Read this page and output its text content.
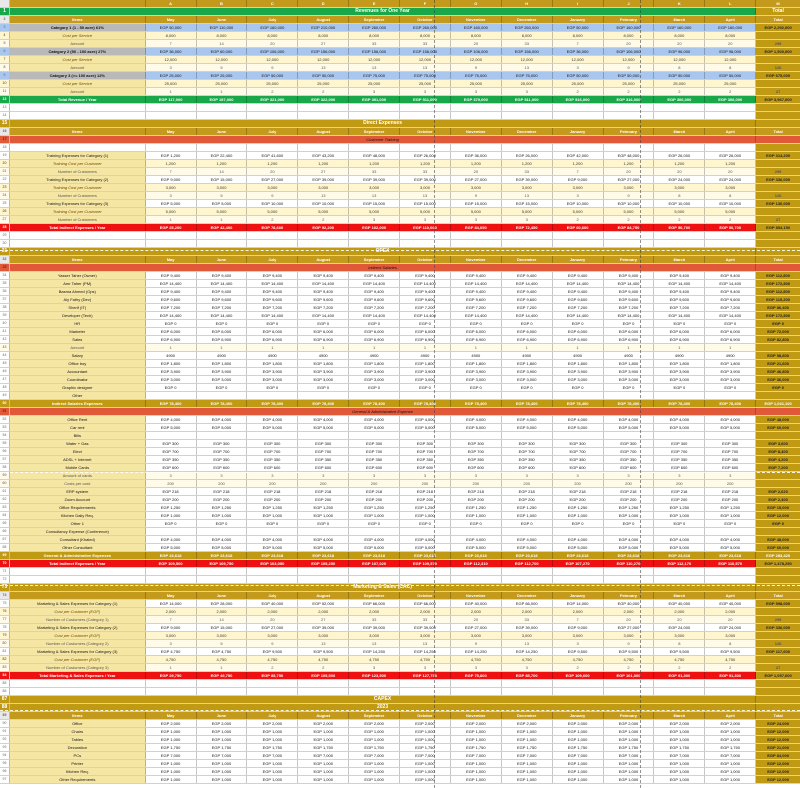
A	B	C	D	E	F	G	H	I	J	K	L	M
1	Revenues for One Year	Total
2	Items	May	June	July	August	September	October	November	December	January	February	March	April	Total
3	Category 1 (1 - 50 acre) 61%	EGP 50,000	EGP 110,000	EGP 160,000	EGP 210,000	EGP 260,000	EGP 260,000	EGP 160,000	EGP 260,000	EGP 50,000	EGP 160,000	EGP 160,000	EGP 160,000	EGP 2,292,000
4	Cost per Service	8,000	8,000	8,000	8,000	8,000	8,000	8,000	8,000	8,000	8,000	8,000	8,000
5	Amount	7	14	20	27	33	33	20	33	7	20	20	20	299
6	Category 2 (50 - 100 acre) 27%	EGP 36,000	EGP 60,000	EGP 106,000	EGP 156,000	EGP 156,000	EGP 156,000	EGP 106,000	EGP 156,000	EGP 36,000	EGP 106,000	EGP 96,000	EGP 96,000	EGP 1,500,000
7	Cost per Service	12,000	12,000	12,000	12,000	12,000	12,000	12,000	12,000	12,000	12,000	12,000	12,000
8	Amount	3	5	9	13	13	13	9	13	3	9	8	8	126
9	Category 3 (>= 100 acre) 12%	EGP 25,000	EGP 25,000	EGP 50,000	EGP 50,000	EGP 75,000	EGP 75,000	EGP 75,000	EGP 75,000	EGP 50,000	EGP 50,000	EGP 50,000	EGP 50,000	EGP 675,000
10	Cost per Service	25,000	25,000	25,000	25,000	25,000	25,000	25,000	25,000	25,000	25,000	25,000	25,000
11	Amount	1	1	2	2	3	3	3	3	2	2	2	2	27
12	Total Revenue / Year	EGP 117,000	EGP 197,000	EGP 321,000	EGP 322,000	EGP 391,000	EGP 511,000	EGP 379,000	EGP 511,000	EGP 516,000	EGP 316,000	EGP 306,000	EGP 306,000	EGP 3,967,000
13
14
15	Direct Expenses
16	Items	May	June	July	August	September	October	November	December	January	February	March	April	Total
17	Customer Training
18
19	Training Expenses for Category (1)	EGP 1,200	EGP 22,400	EGP 41,600	EGP 43,200	EGP 48,000	EGP 26,000	EGP 36,000	EGP 26,000	EGP 42,000	EGP 48,000	EGP 26,000	EGP 26,000	EGP 314,200
20	Training Cost per Customer	1,200	1,200	1,200	1,200	1,200	1,200	1,200	1,200	1,200	1,200	1,200	1,200
21	Number of Customers	7	14	20	27	33	33	20	33	7	20	20	20	299
22	Training Expenses for Category (2)	EGP 9,000	EGP 15,000	EGP 27,000	EGP 39,000	EGP 39,000	EGP 39,000	EGP 27,000	EGP 39,000	EGP 9,000	EGP 27,000	EGP 24,000	EGP 24,000	EGP 336,000
23	Training Cost per Customer	3,000	3,000	3,000	3,000	3,000	3,000	3,000	3,000	3,000	3,000	3,000	3,000
24	Number of Customers	3	5	9	13	13	13	9	13	3	9	8	8	126
25	Training Expenses for Category (3)	EGP 5,000	EGP 5,000	EGP 10,000	EGP 10,000	EGP 15,000	EGP 15,000	EGP 15,000	EGP 15,000	EGP 10,000	EGP 10,000	EGP 10,000	EGP 10,000	EGP 130,000
26	Training Cost per Customer	5,000	5,000	5,000	5,000	5,000	5,000	5,000	5,000	5,000	5,000	5,000	5,000
27	Number of Customers	1	1	2	2	3	3	3	3	2	2	2	2	27
28	Total Indirect Expenses / Year	EGP 25,200	EGP 42,400	EGP 78,600	EGP 92,200	EGP 102,000	EGP 110,000	EGP 84,050	EGP 72,450	EGP 60,600	EGP 84,750	EGP 50,700	EGP 50,700	EGP 854,150
29
30
31	OPEX
32	Items	May	June	July	August	September	October	November	December	January	February	March	April	Total
33	Indirect Salaries
34	Yasser Taher (Owner)	EGP 9,400	EGP 9,400	EGP 9,400	EGP 9,400	EGP 9,400	EGP 9,400	EGP 9,400	EGP 9,400	EGP 9,400	EGP 9,400	EGP 9,400	EGP 9,400	EGP 112,800
35	Amr Taher (PM)	EGP 14,400	EGP 14,400	EGP 14,400	EGP 14,400	EGP 14,400	EGP 14,400	EGP 14,400	EGP 14,400	EGP 14,400	EGP 14,400	EGP 14,400	EGP 14,400	EGP 172,800
36	Basma Ahmed (Ops)	EGP 9,400	EGP 9,400	EGP 9,400	EGP 9,400	EGP 9,400	EGP 9,400	EGP 9,400	EGP 9,400	EGP 9,400	EGP 9,400	EGP 9,400	EGP 9,400	EGP 112,800
37	Aly Fathy (Dev)	EGP 9,600	EGP 9,600	EGP 9,600	EGP 9,600	EGP 9,600	EGP 9,600	EGP 9,600	EGP 9,600	EGP 9,600	EGP 9,600	EGP 9,600	EGP 9,600	EGP 115,200
38	Sherif (IT)	EGP 7,200	EGP 7,200	EGP 7,200	EGP 7,200	EGP 7,200	EGP 7,200	EGP 7,200	EGP 7,200	EGP 7,200	EGP 7,200	EGP 7,200	EGP 7,200	EGP 86,400
39	Developer (Tech)	EGP 14,400	EGP 14,400	EGP 14,400	EGP 14,400	EGP 14,400	EGP 14,400	EGP 14,400	EGP 14,400	EGP 14,400	EGP 14,400	EGP 14,400	EGP 14,400	EGP 172,800
40	HR	EGP 0	EGP 0	EGP 0	EGP 0	EGP 0	EGP 0	EGP 0	EGP 0	EGP 0	EGP 0	EGP 0	EGP 0	EGP 0
41	Marketer	EGP 6,000	EGP 6,000	EGP 6,000	EGP 6,000	EGP 6,000	EGP 6,000	EGP 6,000	EGP 6,000	EGP 6,000	EGP 6,000	EGP 6,000	EGP 6,000	EGP 72,000
42	Sales	EGP 6,900	EGP 6,900	EGP 6,900	EGP 6,900	EGP 6,900	EGP 6,900	EGP 6,900	EGP 6,900	EGP 6,900	EGP 6,900	EGP 6,900	EGP 6,900	EGP 82,800
43	Amount	1	1	1	1	1	1	1	1	1	1	1	1
44	Salary	4900	4900	4900	4900	4900	4900	4900	4900	4900	4900	4900	4900	EGP 58,800
45	Office boy	EGP 1,800	EGP 1,800	EGP 1,800	EGP 1,800	EGP 1,800	EGP 1,800	EGP 1,800	EGP 1,800	EGP 1,800	EGP 1,800	EGP 1,800	EGP 1,800	EGP 21,600
46	Accountant	EGP 3,900	EGP 3,900	EGP 3,900	EGP 3,900	EGP 3,900	EGP 3,900	EGP 3,900	EGP 3,900	EGP 3,900	EGP 3,900	EGP 3,900	EGP 3,900	EGP 46,800
47	Coordinator	EGP 3,000	EGP 3,000	EGP 3,000	EGP 3,000	EGP 3,000	EGP 3,000	EGP 3,000	EGP 3,000	EGP 3,000	EGP 3,000	EGP 3,000	EGP 3,000	EGP 36,000
48	Graphic designer	EGP 0	EGP 0	EGP 0	EGP 0	EGP 0	EGP 0	EGP 0	EGP 0	EGP 0	EGP 0	EGP 0	EGP 0	EGP 0
49	Other
50	Indirect Salaries Expenses	EGP 78,400	EGP 78,400	EGP 78,400	EGP 78,400	EGP 78,400	EGP 78,400	EGP 78,400	EGP 78,400	EGP 78,400	EGP 78,400	EGP 78,400	EGP 78,400	EGP 1,041,100
51	General & Administrative Expense
52	Office Rent	EGP 4,000	EGP 4,000	EGP 4,000	EGP 4,000	EGP 4,000	EGP 4,000	EGP 4,000	EGP 4,000	EGP 4,000	EGP 4,000	EGP 4,000	EGP 4,000	EGP 48,000
53	Car rent	EGP 5,000	EGP 5,000	EGP 5,000	EGP 5,000	EGP 5,000	EGP 5,000	EGP 5,000	EGP 5,000	EGP 5,000	EGP 5,000	EGP 5,000	EGP 5,000	EGP 60,000
54	Bills
55	Water + Gas	EGP 300	EGP 300	EGP 300	EGP 300	EGP 300	EGP 300	EGP 300	EGP 300	EGP 300	EGP 300	EGP 300	EGP 300	EGP 3,600
56	Elect	EGP 700	EGP 700	EGP 700	EGP 700	EGP 700	EGP 700	EGP 700	EGP 700	EGP 700	EGP 700	EGP 700	EGP 700	EGP 8,400
57	ADSL + Internet	EGP 350	EGP 350	EGP 350	EGP 350	EGP 350	EGP 350	EGP 350	EGP 350	EGP 350	EGP 350	EGP 350	EGP 350	EGP 4,200
58	Mobile Cards	EGP 600	EGP 600	EGP 600	EGP 600	EGP 600	EGP 600	EGP 600	EGP 600	EGP 600	EGP 600	EGP 600	EGP 600	EGP 7,200
59	Amount of cards	3	3	3	3	3	3	3	3	3	3	3	3
60	Costs per card	200	200	200	200	200	200	200	200	200	200	200	200
61	ERP system	EGP 218	EGP 218	EGP 218	EGP 218	EGP 218	EGP 218	EGP 218	EGP 218	EGP 218	EGP 218	EGP 218	EGP 218	EGP 2,620
62	Zoom Account	EGP 200	EGP 200	EGP 200	EGP 200	EGP 200	EGP 200	EGP 200	EGP 200	EGP 200	EGP 200	EGP 200	EGP 200	EGP 2,400
63	Office Requirements	EGP 1,250	EGP 1,250	EGP 1,250	EGP 1,250	EGP 1,250	EGP 1,250	EGP 1,250	EGP 1,250	EGP 1,250	EGP 1,250	EGP 1,250	EGP 1,250	EGP 15,000
64	Kitchen Daily Req.	EGP 1,000	EGP 1,000	EGP 1,000	EGP 1,000	EGP 1,000	EGP 1,000	EGP 1,000	EGP 1,000	EGP 1,000	EGP 1,000	EGP 1,000	EGP 1,000	EGP 12,000
65	Other 1	EGP 0	EGP 0	EGP 0	EGP 0	EGP 0	EGP 0	EGP 0	EGP 0	EGP 0	EGP 0	EGP 0	EGP 0	EGP 0
66	Consultancy Expense (Conference)
67	Consultant (Khaled)	EGP 4,000	EGP 4,000	EGP 4,000	EGP 4,000	EGP 4,000	EGP 4,000	EGP 4,000	EGP 4,000	EGP 4,000	EGP 4,000	EGP 4,000	EGP 4,000	EGP 48,000
68	Other Consultant	EGP 5,000	EGP 5,000	EGP 5,000	EGP 5,000	EGP 5,000	EGP 5,000	EGP 5,000	EGP 5,000	EGP 5,000	EGP 5,000	EGP 5,000	EGP 5,000	EGP 60,000
69	General & Administrative Expenses	EGP 23,618	EGP 23,618	EGP 23,618	EGP 23,618	EGP 23,618	EGP 23,618	EGP 23,618	EGP 23,618	EGP 23,618	EGP 23,618	EGP 23,618	EGP 23,618	EGP 283,420
70	Total Indirect Expenses / Year	EGP 109,500	EGP 109,750	EGP 103,050	EGP 105,250	EGP 107,020	EGP 109,570	EGP 112,310	EGP 112,700	EGP 107,270	EGP 110,270	EGP 112,170	EGP 110,570	EGP 1,478,250
71
72
73	Marketing & Sales (CAC)
74	May	June	July	August	September	October	November	December	January	February	March	April	Total
75	Marketing & Sales Expenses for Category (1)	EGP 14,000	EGP 28,000	EGP 40,000	EGP 52,000	EGP 66,000	EGP 66,000	EGP 40,000	EGP 66,000	EGP 14,000	EGP 40,000	EGP 40,000	EGP 40,000	EGP 598,000
76	Cost per Customer (EGP)	2,000	2,000	2,000	2,000	2,000	2,000	2,000	2,000	2,000	2,000	2,000	2,000
77	Number of Customers (Category 1)	7	14	20	27	33	33	20	33	7	20	20	20	299
78	Marketing & Sales Expenses for Category (2)	EGP 9,000	EGP 15,000	EGP 27,000	EGP 39,000	EGP 39,000	EGP 39,000	EGP 27,000	EGP 39,000	EGP 9,000	EGP 27,000	EGP 24,000	EGP 24,000	EGP 336,000
79	Cost per Customer (EGP)	3,000	3,000	3,000	3,000	3,000	3,000	3,000	3,000	3,000	3,000	3,000	3,000
80	Number of Customers (Category 2)	3	5	9	13	13	13	9	13	3	9	8	8	126
81	Marketing & Sales Expenses for Category (3)	EGP 4,750	EGP 4,750	EGP 9,500	EGP 9,500	EGP 14,250	EGP 14,250	EGP 14,250	EGP 14,250	EGP 9,500	EGP 9,500	EGP 9,500	EGP 9,500	EGP 117,600
82	Cost per Customer (EGP)	4,750	4,750	4,750	4,750	4,750	4,750	4,750	4,750	4,750	4,750	4,750	4,750
83	Number of Customers (Category 3)	1	1	2	2	3	3	3	3	2	2	2	2	27
84	Total Marketing & Sales Expenses / Year	EGP 29,750	EGP 49,750	EGP 85,750	EGP 105,500	EGP 123,500	EGP 127,750	EGP 75,800	EGP 85,700	EGP 109,600	EGP 101,000	EGP 91,300	EGP 91,300	EGP 1,057,600
85
86
87	CAPEX
88	2023
89	Items	May	June	July	August	September	October	November	December	January	February	March	April	Total
90	Office	EGP 2,000	EGP 2,000	EGP 2,000	EGP 2,000	EGP 2,000	EGP 2,000	EGP 2,000	EGP 2,000	EGP 2,000	EGP 2,000	EGP 2,000	EGP 2,000	EGP 24,000
91	Chairs	EGP 1,000	EGP 1,000	EGP 1,000	EGP 1,000	EGP 1,000	EGP 1,000	EGP 1,000	EGP 1,000	EGP 1,000	EGP 1,000	EGP 1,000	EGP 1,000	EGP 12,000
92	Tables	EGP 1,000	EGP 1,000	EGP 1,000	EGP 1,000	EGP 1,000	EGP 1,000	EGP 1,000	EGP 1,000	EGP 1,000	EGP 1,000	EGP 1,000	EGP 1,000	EGP 12,000
93	Decoration	EGP 1,750	EGP 1,750	EGP 1,750	EGP 1,750	EGP 1,750	EGP 1,750	EGP 1,750	EGP 1,750	EGP 1,750	EGP 1,750	EGP 1,750	EGP 1,750	EGP 21,000
94	PCs	EGP 7,000	EGP 7,000	EGP 7,000	EGP 7,000	EGP 7,000	EGP 7,000	EGP 7,000	EGP 7,000	EGP 7,000	EGP 7,000	EGP 7,000	EGP 7,000	EGP 84,000
95	Printer	EGP 1,000	EGP 1,000	EGP 1,000	EGP 1,000	EGP 1,000	EGP 1,000	EGP 1,000	EGP 1,000	EGP 1,000	EGP 1,000	EGP 1,000	EGP 1,000	EGP 12,000
96	Kitchen Req.	EGP 1,000	EGP 1,000	EGP 1,000	EGP 1,000	EGP 1,000	EGP 1,000	EGP 1,000	EGP 1,000	EGP 1,000	EGP 1,000	EGP 1,000	EGP 1,000	EGP 12,000
97	Other Requirements	EGP 1,000	EGP 1,000	EGP 1,000	EGP 1,000	EGP 1,000	EGP 1,000	EGP 1,000	EGP 1,000	EGP 1,000	EGP 1,000	EGP 1,000	EGP 1,000	EGP 12,000
